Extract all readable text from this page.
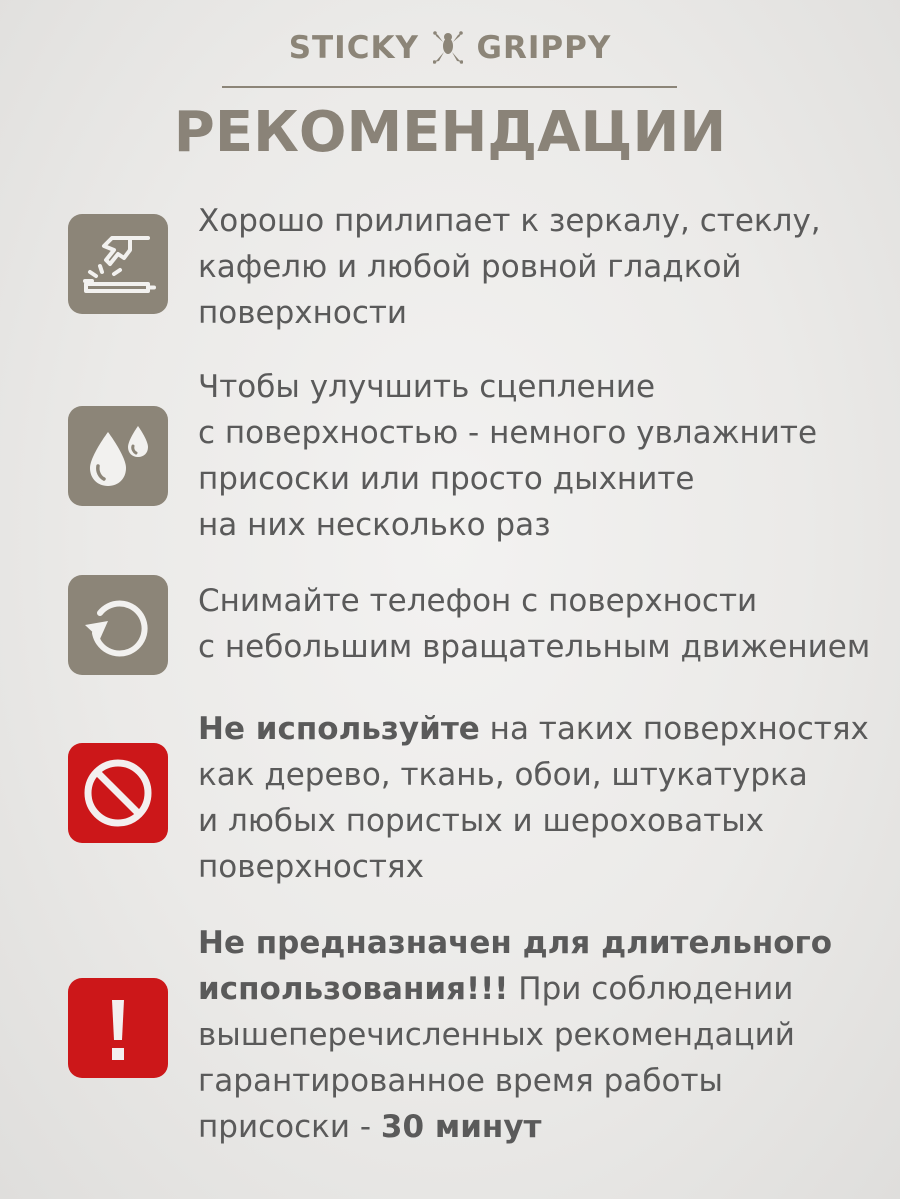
STICKY GRIPPY
РЕКОМЕНДАЦИИ
Хорошо прилипает к зеркалу, стеклу,
кафелю и любой ровной гладкой
поверхности
Чтобы улучшить сцепление
с поверхностью - немного увлажните
присоски или просто дыхните
на них несколько раз
Снимайте телефон с поверхности
с небольшим вращательным движением
Не используйте на таких поверхностях
как дерево, ткань, обои, штукатурка
и любых пористых и шероховатых
поверхностях
Не предназначен для длительного
использования!!! При соблюдении
вышеперечисленных рекомендаций
гарантированное время работы
присоски - 30 минут
